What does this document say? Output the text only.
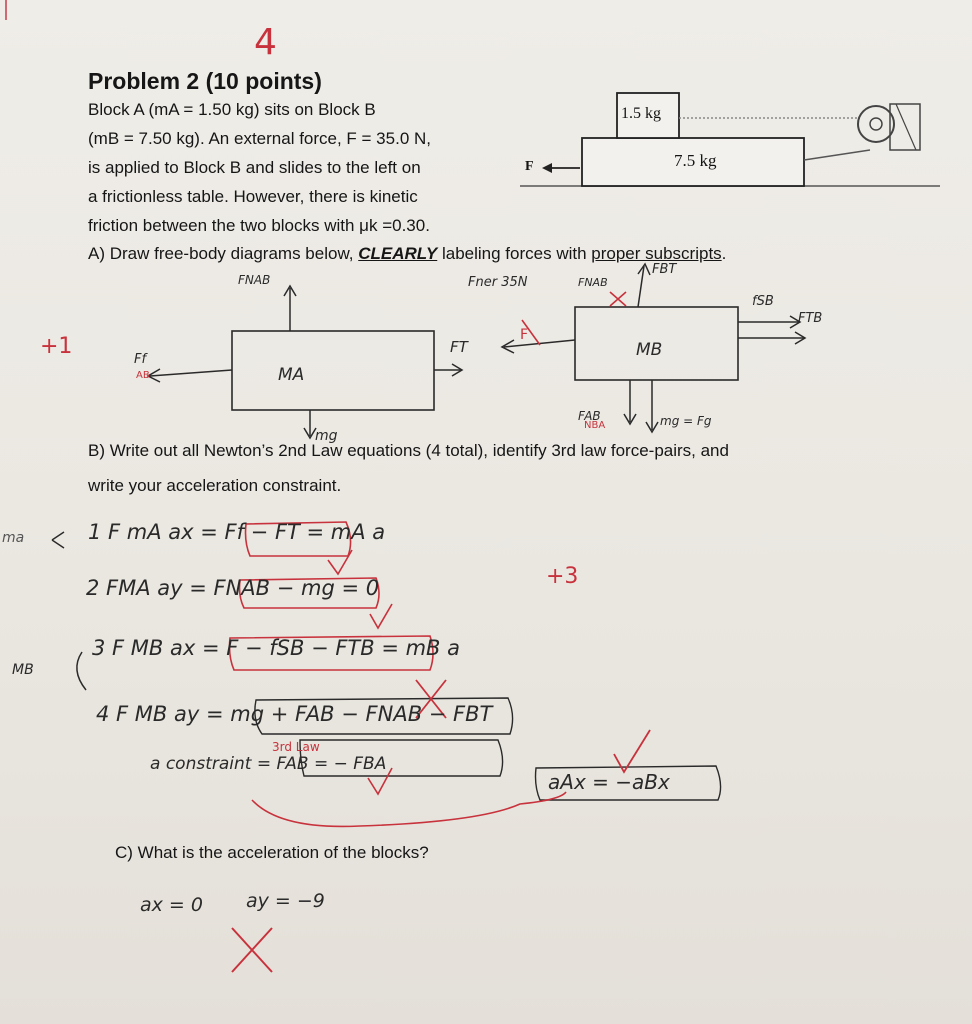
4
Problem 2 (10 points)
Block A (mA = 1.50 kg) sits on Block B
(mB = 7.50 kg). An external force, F = 35.0 N,
is applied to Block B and slides to the left on
a frictionless table. However, there is kinetic
friction between the two blocks with μk =0.30.
1.5 kg
7.5 kg
F
A) Draw free-body diagrams below, CLEARLY labeling forces with proper subscripts.
+1
FNAB
Ff
AB
FT
MA
mg
Fner 35N
F
FNAB
FBT
fSB
FTB
MB
FAB
NBA	mg = Fg
B) Write out all Newton’s 2nd Law equations (4 total), identify 3rd law force-pairs, and
write your acceleration constraint.
ma
MB
1 F mA ax = Ff − FT = mA a
2 FMA ay = FNAB − mg = 0	+3
3 F MB ax = F − fSB − FTB = mB a
4 F MB ay = mg + FAB − FNAB − FBT
3rd Law
a constraint = FAB = − FBA
aAx = −aBx
C) What is the acceleration of the blocks?
ax = 0 ay = −9
